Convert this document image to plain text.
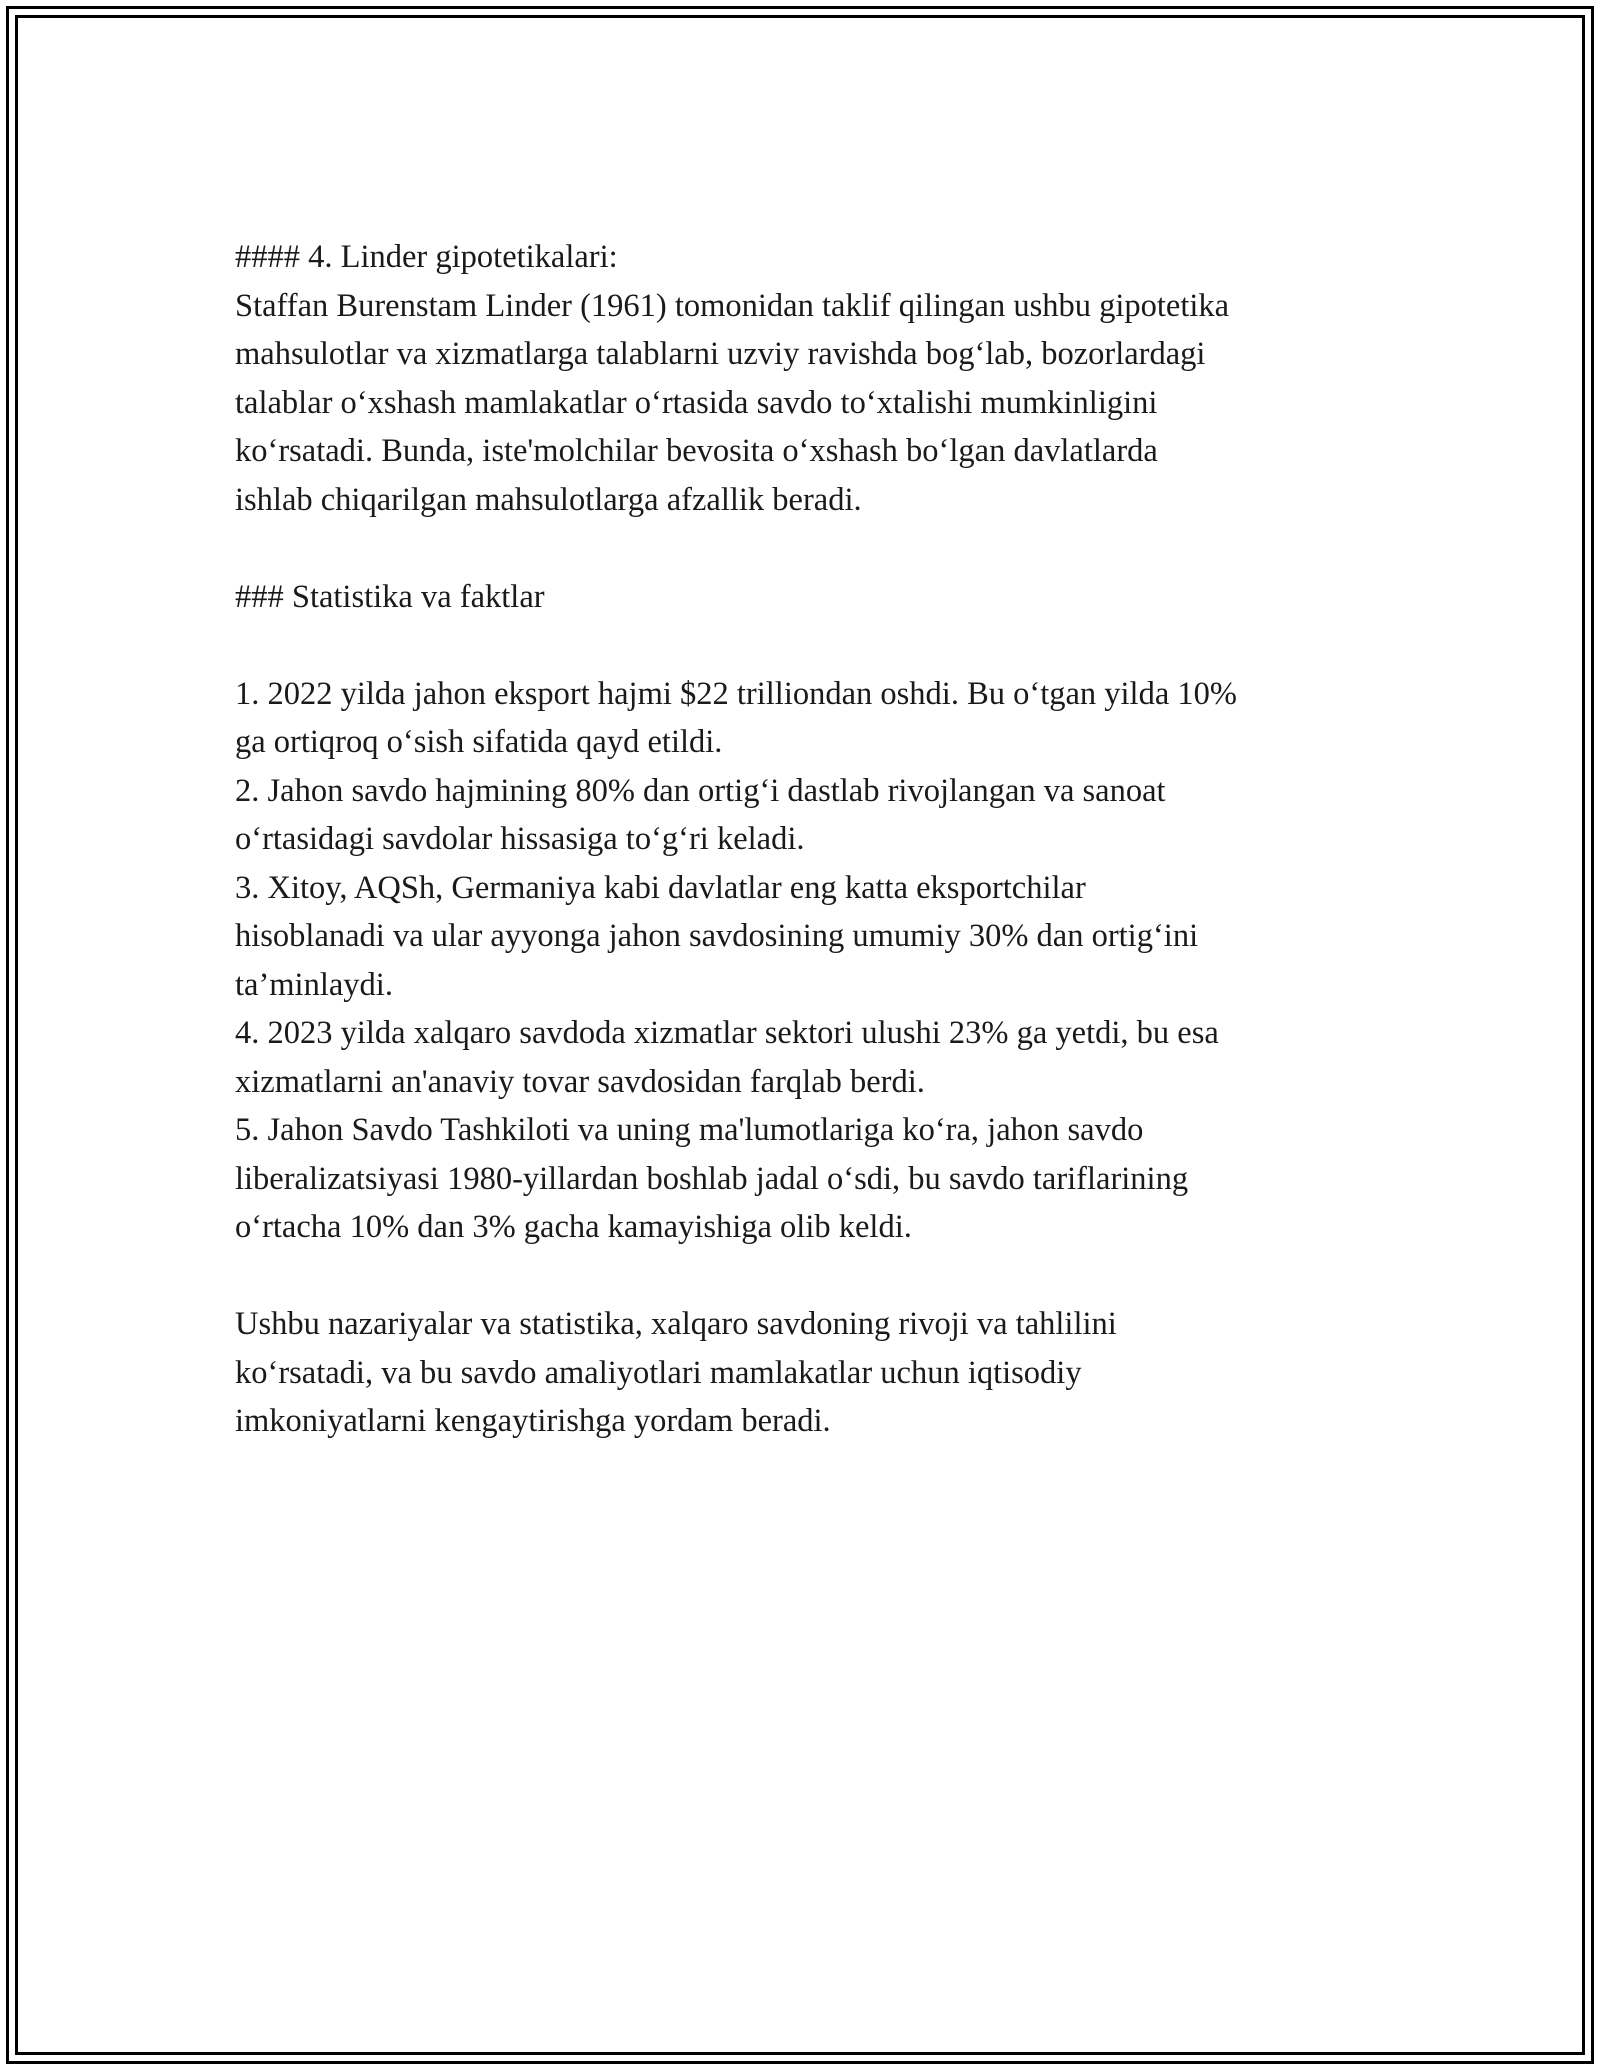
#### 4. Linder gipotetikalari:
Staffan Burenstam Linder (1961) tomonidan taklif qilingan ushbu gipotetika
mahsulotlar va xizmatlarga talablarni uzviy ravishda bog‘lab, bozorlardagi
talablar o‘xshash mamlakatlar o‘rtasida savdo to‘xtalishi mumkinligini
ko‘rsatadi. Bunda, iste'molchilar bevosita o‘xshash bo‘lgan davlatlarda
ishlab chiqarilgan mahsulotlarga afzallik beradi.
### Statistika va faktlar
1. 2022 yilda jahon eksport hajmi $22 trilliondan oshdi. Bu o‘tgan yilda 10%
ga ortiqroq o‘sish sifatida qayd etildi.
2. Jahon savdo hajmining 80% dan ortig‘i dastlab rivojlangan va sanoat
o‘rtasidagi savdolar hissasiga to‘g‘ri keladi.
3. Xitoy, AQSh, Germaniya kabi davlatlar eng katta eksportchilar
hisoblanadi va ular ayyonga jahon savdosining umumiy 30% dan ortig‘ini
ta’minlaydi.
4. 2023 yilda xalqaro savdoda xizmatlar sektori ulushi 23% ga yetdi, bu esa
xizmatlarni an'anaviy tovar savdosidan farqlab berdi.
5. Jahon Savdo Tashkiloti va uning ma'lumotlariga ko‘ra, jahon savdo
liberalizatsiyasi 1980-yillardan boshlab jadal o‘sdi, bu savdo tariflarining
o‘rtacha 10% dan 3% gacha kamayishiga olib keldi.
Ushbu nazariyalar va statistika, xalqaro savdoning rivoji va tahlilini
ko‘rsatadi, va bu savdo amaliyotlari mamlakatlar uchun iqtisodiy
imkoniyatlarni kengaytirishga yordam beradi.
